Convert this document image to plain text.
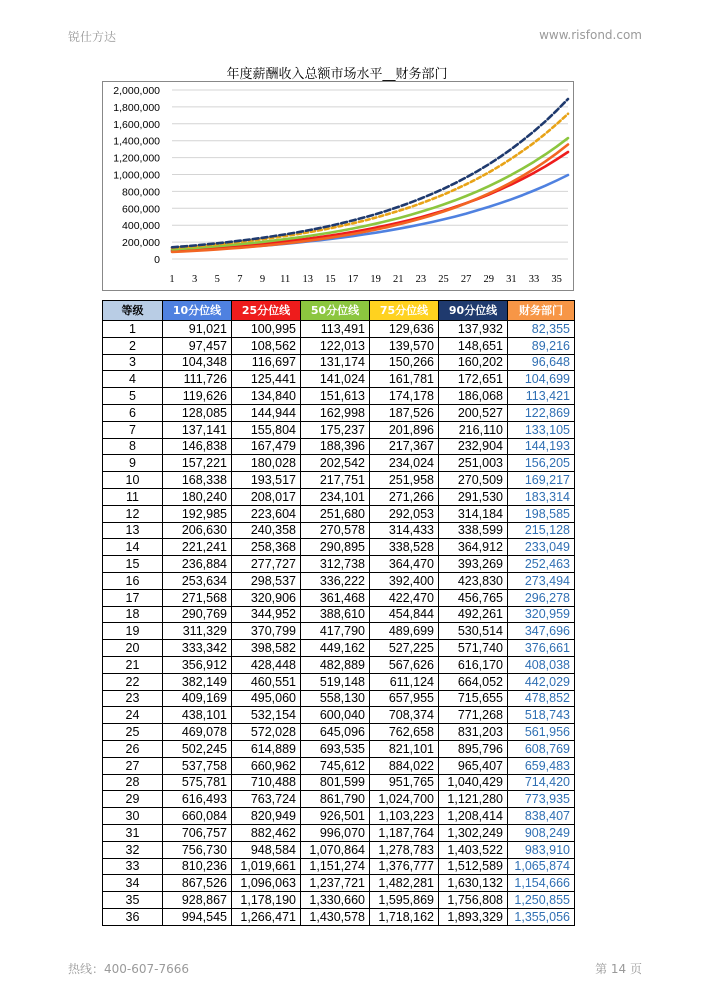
锐仕方达	www.risfond.com
年度薪酬收入总额市场水平__财务部门
0
200,000
400,000
600,000
800,000
1,000,000
1,200,000
1,400,000
1,600,000
1,800,000
2,000,000
1 3 5 7 9 11 13 15 17 19 21 23 25 27 29 31 33 35
等级	10分位线	25分位线	50分位线	75分位线	90分位线	财务部门
1	91,021	100,995	113,491	129,636	137,932	82,355
2	97,457	108,562	122,013	139,570	148,651	89,216
3	104,348	116,697	131,174	150,266	160,202	96,648
4	111,726	125,441	141,024	161,781	172,651	104,699
5	119,626	134,840	151,613	174,178	186,068	113,421
6	128,085	144,944	162,998	187,526	200,527	122,869
7	137,141	155,804	175,237	201,896	216,110	133,105
8	146,838	167,479	188,396	217,367	232,904	144,193
9	157,221	180,028	202,542	234,024	251,003	156,205
10	168,338	193,517	217,751	251,958	270,509	169,217
11	180,240	208,017	234,101	271,266	291,530	183,314
12	192,985	223,604	251,680	292,053	314,184	198,585
13	206,630	240,358	270,578	314,433	338,599	215,128
14	221,241	258,368	290,895	338,528	364,912	233,049
15	236,884	277,727	312,738	364,470	393,269	252,463
16	253,634	298,537	336,222	392,400	423,830	273,494
17	271,568	320,906	361,468	422,470	456,765	296,278
18	290,769	344,952	388,610	454,844	492,261	320,959
19	311,329	370,799	417,790	489,699	530,514	347,696
20	333,342	398,582	449,162	527,225	571,740	376,661
21	356,912	428,448	482,889	567,626	616,170	408,038
22	382,149	460,551	519,148	611,124	664,052	442,029
23	409,169	495,060	558,130	657,955	715,655	478,852
24	438,101	532,154	600,040	708,374	771,268	518,743
25	469,078	572,028	645,096	762,658	831,203	561,956
26	502,245	614,889	693,535	821,101	895,796	608,769
27	537,758	660,962	745,612	884,022	965,407	659,483
28	575,781	710,488	801,599	951,765	1,040,429	714,420
29	616,493	763,724	861,790	1,024,700	1,121,280	773,935
30	660,084	820,949	926,501	1,103,223	1,208,414	838,407
31	706,757	882,462	996,070	1,187,764	1,302,249	908,249
32	756,730	948,584	1,070,864	1,278,783	1,403,522	983,910
33	810,236	1,019,661	1,151,274	1,376,777	1,512,589	1,065,874
34	867,526	1,096,063	1,237,721	1,482,281	1,630,132	1,154,666
35	928,867	1,178,190	1,330,660	1,595,869	1,756,808	1,250,855
36	994,545	1,266,471	1,430,578	1,718,162	1,893,329	1,355,056
热线：400-607-7666	第 14 页
